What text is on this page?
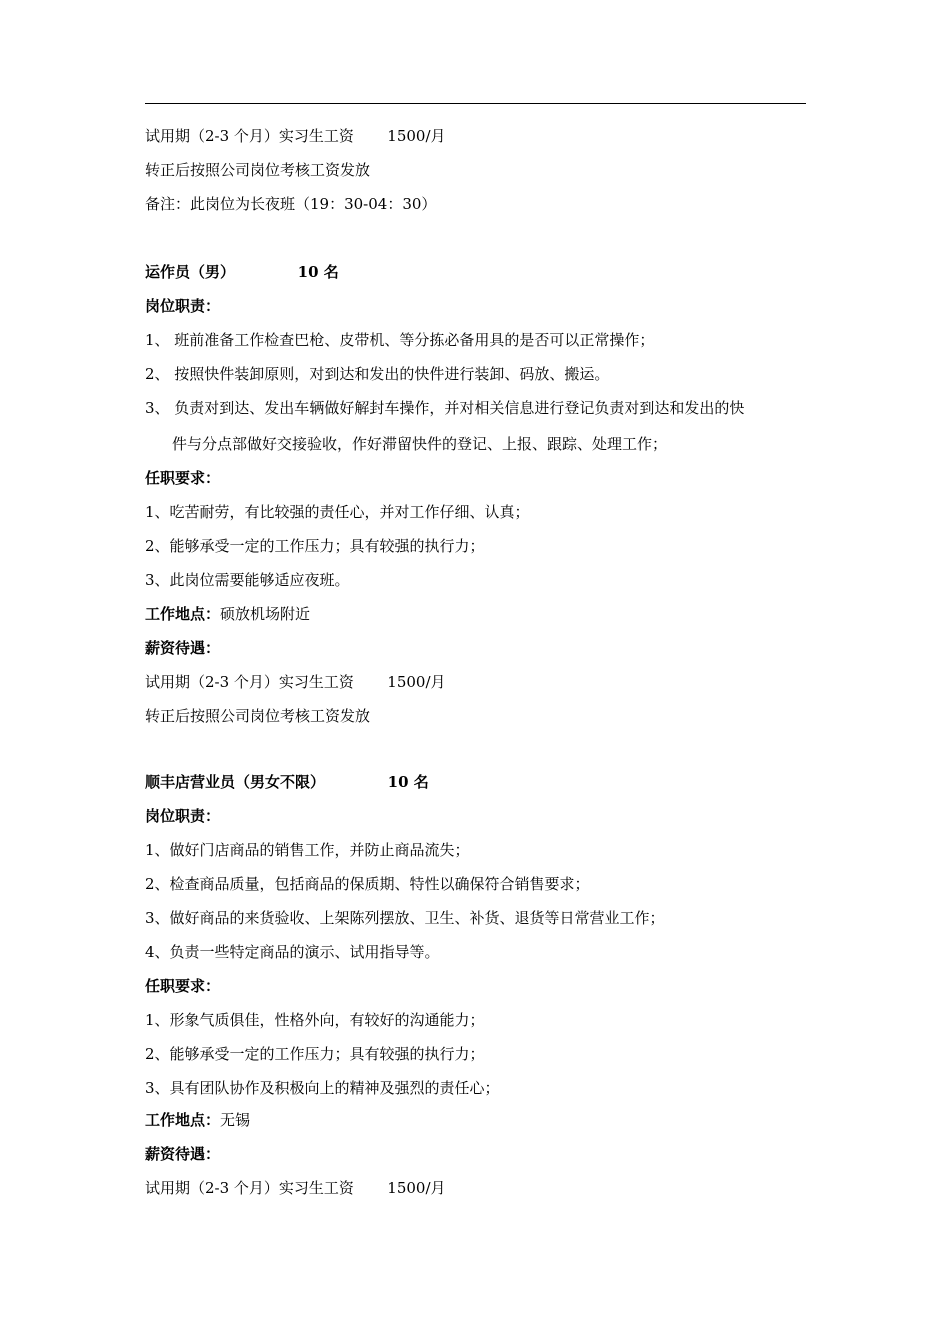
试用期（2-3 个月）实习生工资       1500/月
转正后按照公司岗位考核工资发放
备注：此岗位为长夜班（19：30-04：30）
运作员（男）            10 名
岗位职责：
1、 班前准备工作检查巴枪、皮带机、等分拣必备用具的是否可以正常操作；
2、 按照快件装卸原则，对到达和发出的快件进行装卸、码放、搬运。
3、 负责对到达、发出车辆做好解封车操作，并对相关信息进行登记负责对到达和发出的快
件与分点部做好交接验收，作好滞留快件的登记、上报、跟踪、处理工作；
任职要求：
1、吃苦耐劳，有比较强的责任心，并对工作仔细、认真；
2、能够承受一定的工作压力；具有较强的执行力；
3、此岗位需要能够适应夜班。
工作地点：硕放机场附近
薪资待遇：
试用期（2-3 个月）实习生工资       1500/月
转正后按照公司岗位考核工资发放
顺丰店营业员（男女不限）            10 名
岗位职责：
1、做好门店商品的销售工作，并防止商品流失；
2、检查商品质量，包括商品的保质期、特性以确保符合销售要求；
3、做好商品的来货验收、上架陈列摆放、卫生、补货、退货等日常营业工作；
4、负责一些特定商品的演示、试用指导等。
任职要求：
1、形象气质俱佳，性格外向，有较好的沟通能力；
2、能够承受一定的工作压力；具有较强的执行力；
3、具有团队协作及积极向上的精神及强烈的责任心；
工作地点：无锡
薪资待遇：
试用期（2-3 个月）实习生工资       1500/月
